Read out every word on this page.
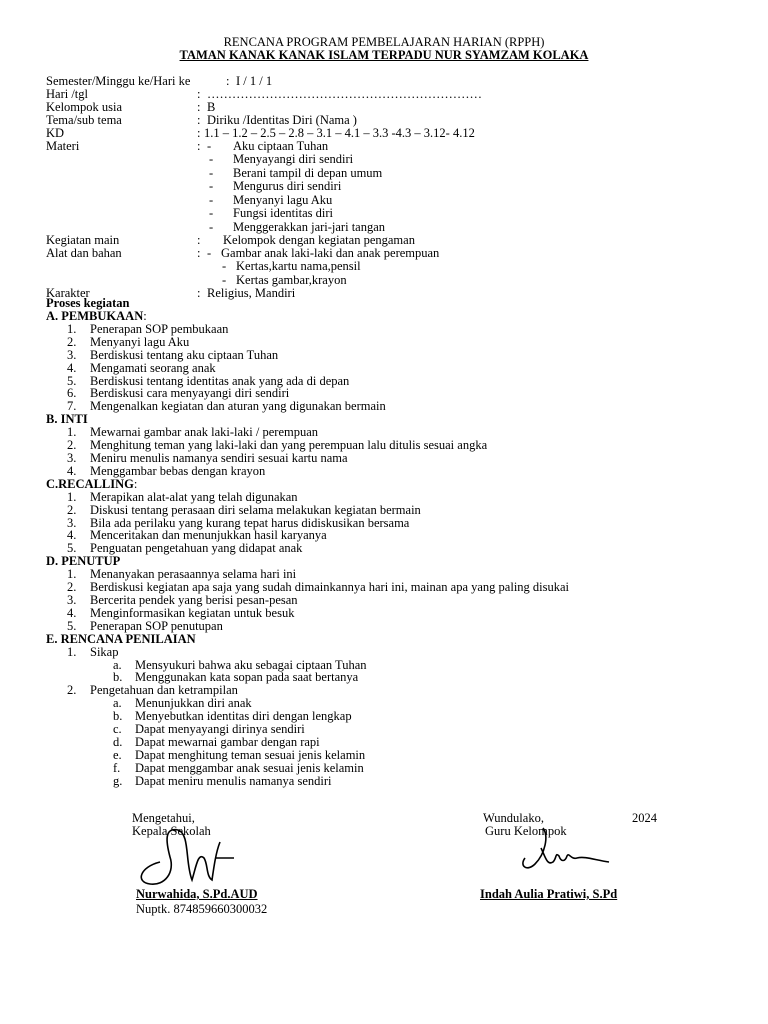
RENCANA PROGRAM PEMBELAJARAN HARIAN (RPPH)
TAMAN KANAK KANAK ISLAM TERPADU NUR SYAMZAM KOLAKA
Semester/Minggu ke/Hari ke	: I / 1 / 1
Hari /tgl	: …………………………………………………………
Kelompok usia	: B
Tema/sub tema	: Diriku /Identitas Diri (Nama )
KD	: 1.1 – 1.2 – 2.5 – 2.8 – 3.1 – 4.1 – 3.3 -4.3 – 3.12- 4.12
Materi	: - Aku ciptaan Tuhan
-	Menyayangi diri sendiri
-	Berani tampil di depan umum
-	Mengurus diri sendiri
-	Menyanyi lagu Aku
-	Fungsi identitas diri
-	Menggerakkan jari-jari tangan
Kegiatan main	:	Kelompok dengan kegiatan pengaman
Alat dan bahan	: - Gambar anak laki-laki dan anak perempuan
- Kertas,kartu nama,pensil
- Kertas gambar,krayon
Karakter	: Religius, Mandiri
Proses kegiatan
A. PEMBUKAAN:
1.	Penerapan SOP pembukaan
2.	Menyanyi lagu Aku
3.	Berdiskusi tentang aku ciptaan Tuhan
4.	Mengamati seorang anak
5.	Berdiskusi tentang identitas anak yang ada di depan
6.	Berdiskusi cara menyayangi diri sendiri
7.	Mengenalkan kegiatan dan aturan yang digunakan bermain
B. INTI
1.	Mewarnai gambar anak laki-laki / perempuan
2.	Menghitung teman yang laki-laki dan yang perempuan lalu ditulis sesuai angka
3.	Meniru menulis namanya sendiri sesuai kartu nama
4.	Menggambar bebas dengan krayon
C.RECALLING:
1.	Merapikan alat-alat yang telah digunakan
2.	Diskusi tentang perasaan diri selama melakukan kegiatan bermain
3.	Bila ada perilaku yang kurang tepat harus didiskusikan bersama
4.	Menceritakan dan menunjukkan hasil karyanya
5.	Penguatan pengetahuan yang didapat anak
D. PENUTUP
1.	Menanyakan perasaannya selama hari ini
2.	Berdiskusi kegiatan apa saja yang sudah dimainkannya hari ini, mainan apa yang paling disukai
3.	Bercerita pendek yang berisi pesan-pesan
4.	Menginformasikan kegiatan untuk besuk
5.	Penerapan SOP penutupan
E. RENCANA PENILAIAN
1.	Sikap
a.	Mensyukuri bahwa aku sebagai ciptaan Tuhan
b.	Menggunakan kata sopan pada saat bertanya
2.	Pengetahuan dan ketrampilan
a.	Menunjukkan diri anak
b.	Menyebutkan identitas diri dengan lengkap
c.	Dapat menyayangi dirinya sendiri
d.	Dapat mewarnai gambar dengan rapi
e.	Dapat menghitung teman sesuai jenis kelamin
f.	Dapat menggambar anak sesuai jenis kelamin
g.	Dapat meniru menulis namanya sendiri
Mengetahui,
Kepala Sekolah
Nurwahida, S.Pd.AUD
Nuptk. 874859660300032
Wundulako,	2024
Guru Kelompok
Indah Aulia Pratiwi, S.Pd
